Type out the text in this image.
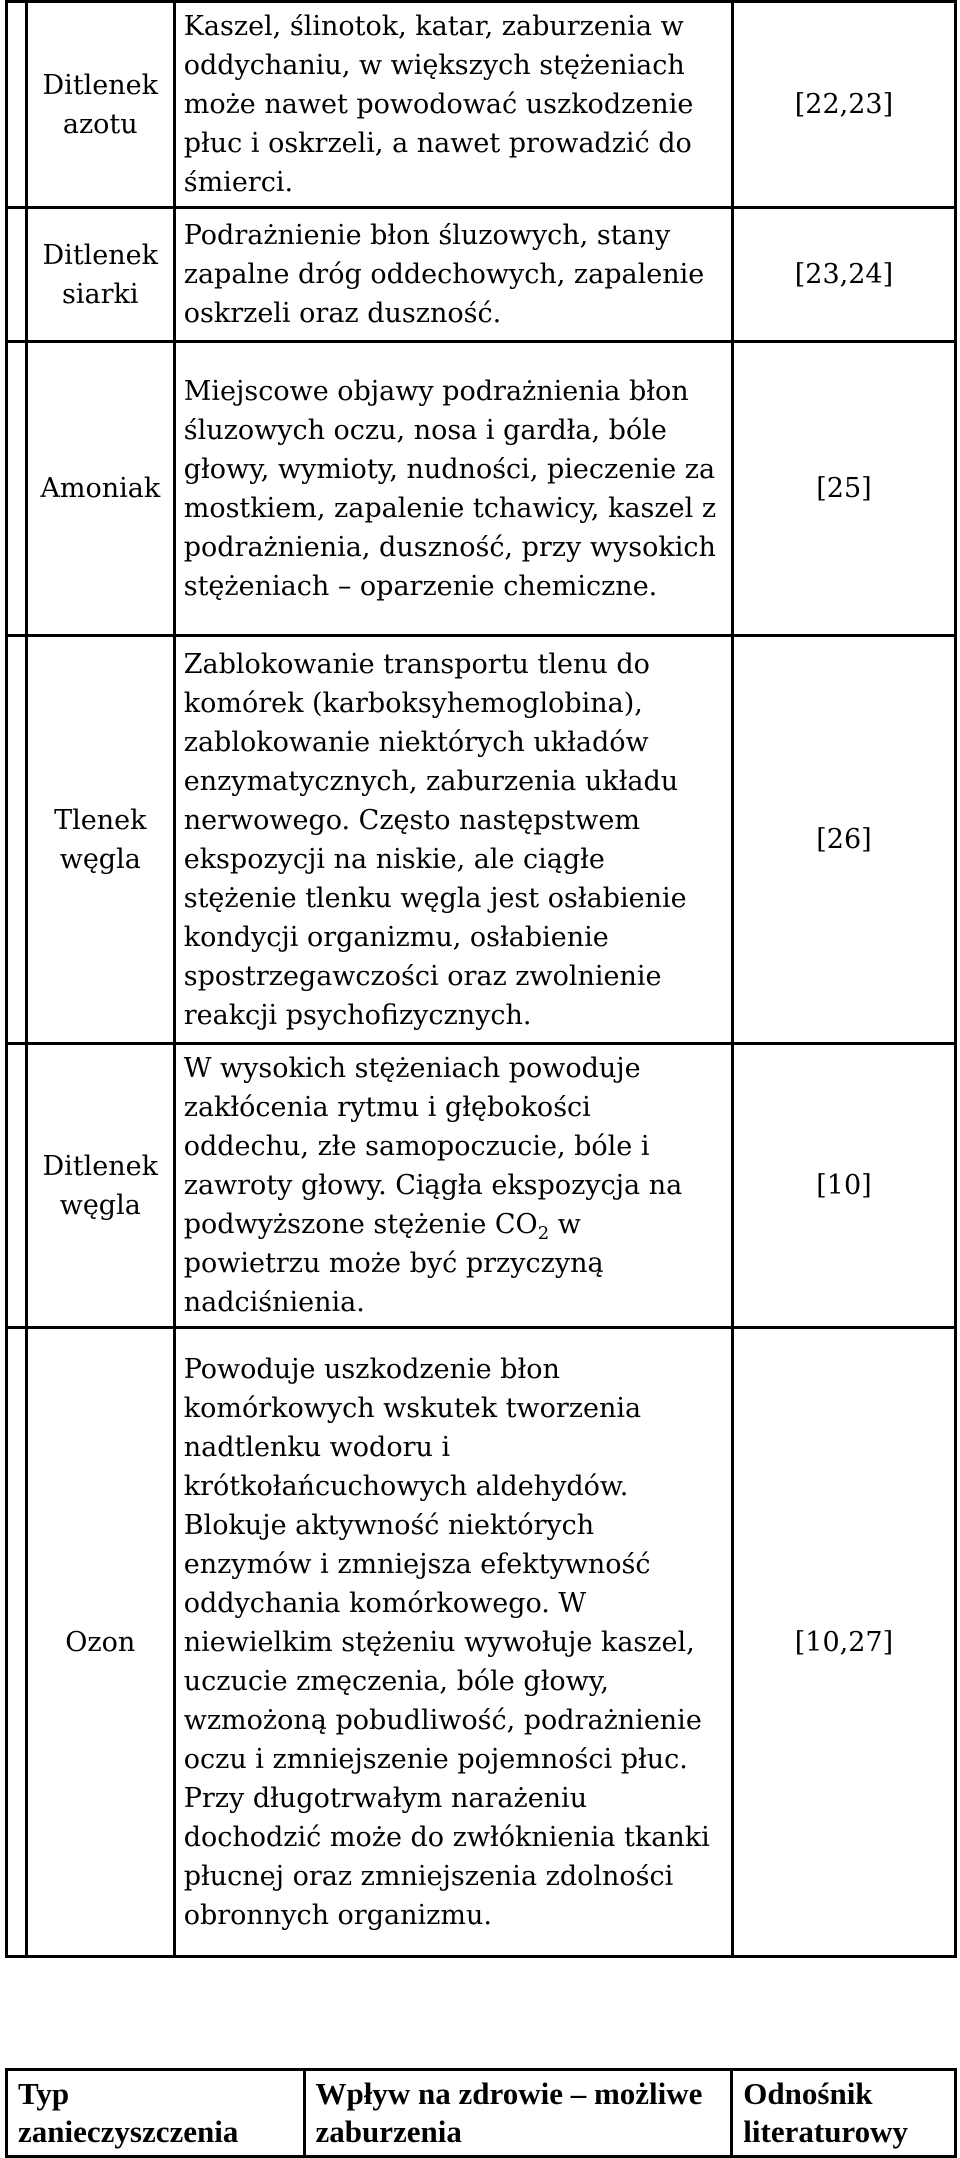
	Ditlenek azotu	Kaszel, ślinotok, katar, zaburzenia w oddychaniu, w większych stężeniach może nawet powodować uszkodzenie płuc i oskrzeli, a nawet prowadzić do śmierci.	[22,23]
	Ditlenek siarki	Podrażnienie błon śluzowych, stany zapalne dróg oddechowych, zapalenie oskrzeli oraz duszność.	[23,24]
	Amoniak	Miejscowe objawy podrażnienia błon śluzowych oczu, nosa i gardła, bóle głowy, wymioty, nudności, pieczenie za mostkiem, zapalenie tchawicy, kaszel z podrażnienia, duszność, przy wysokich stężeniach – oparzenie chemiczne.	[25]
	Tlenek węgla	Zablokowanie transportu tlenu do komórek (karboksyhemoglobina), zablokowanie niektórych układów enzymatycznych, zaburzenia układu nerwowego. Często następstwem ekspozycji na niskie, ale ciągłe stężenie tlenku węgla jest osłabienie kondycji organizmu, osłabienie spostrzegawczości oraz zwolnienie reakcji psychofizycznych.	[26]
	Ditlenek węgla	W wysokich stężeniach powoduje zakłócenia rytmu i głębokości oddechu, złe samopoczucie, bóle i zawroty głowy. Ciągła ekspozycja na podwyższone stężenie $CO_2$ w powietrzu może być przyczyną nadciśnienia.	[10]
	Ozon	Powoduje uszkodzenie błon komórkowych wskutek tworzenia nadtlenku wodoru i krótkołańcuchowych aldehydów. Blokuje aktywność niektórych enzymów i zmniejsza efektywność oddychania komórkowego. W niewielkim stężeniu wywołuje kaszel, uczucie zmęczenia, bóle głowy, wzmożoną pobudliwość, podrażnienie oczu i zmniejszenie pojemności płuc. Przy długotrwałym narażeniu dochodzić może do zwłóknienia tkanki płucnej oraz zmniejszenia zdolności obronnych organizmu.	[10,27]
Typ zanieczyszczenia	Wpływ na zdrowie – możliwe zaburzenia	Odnośnik literaturowy
